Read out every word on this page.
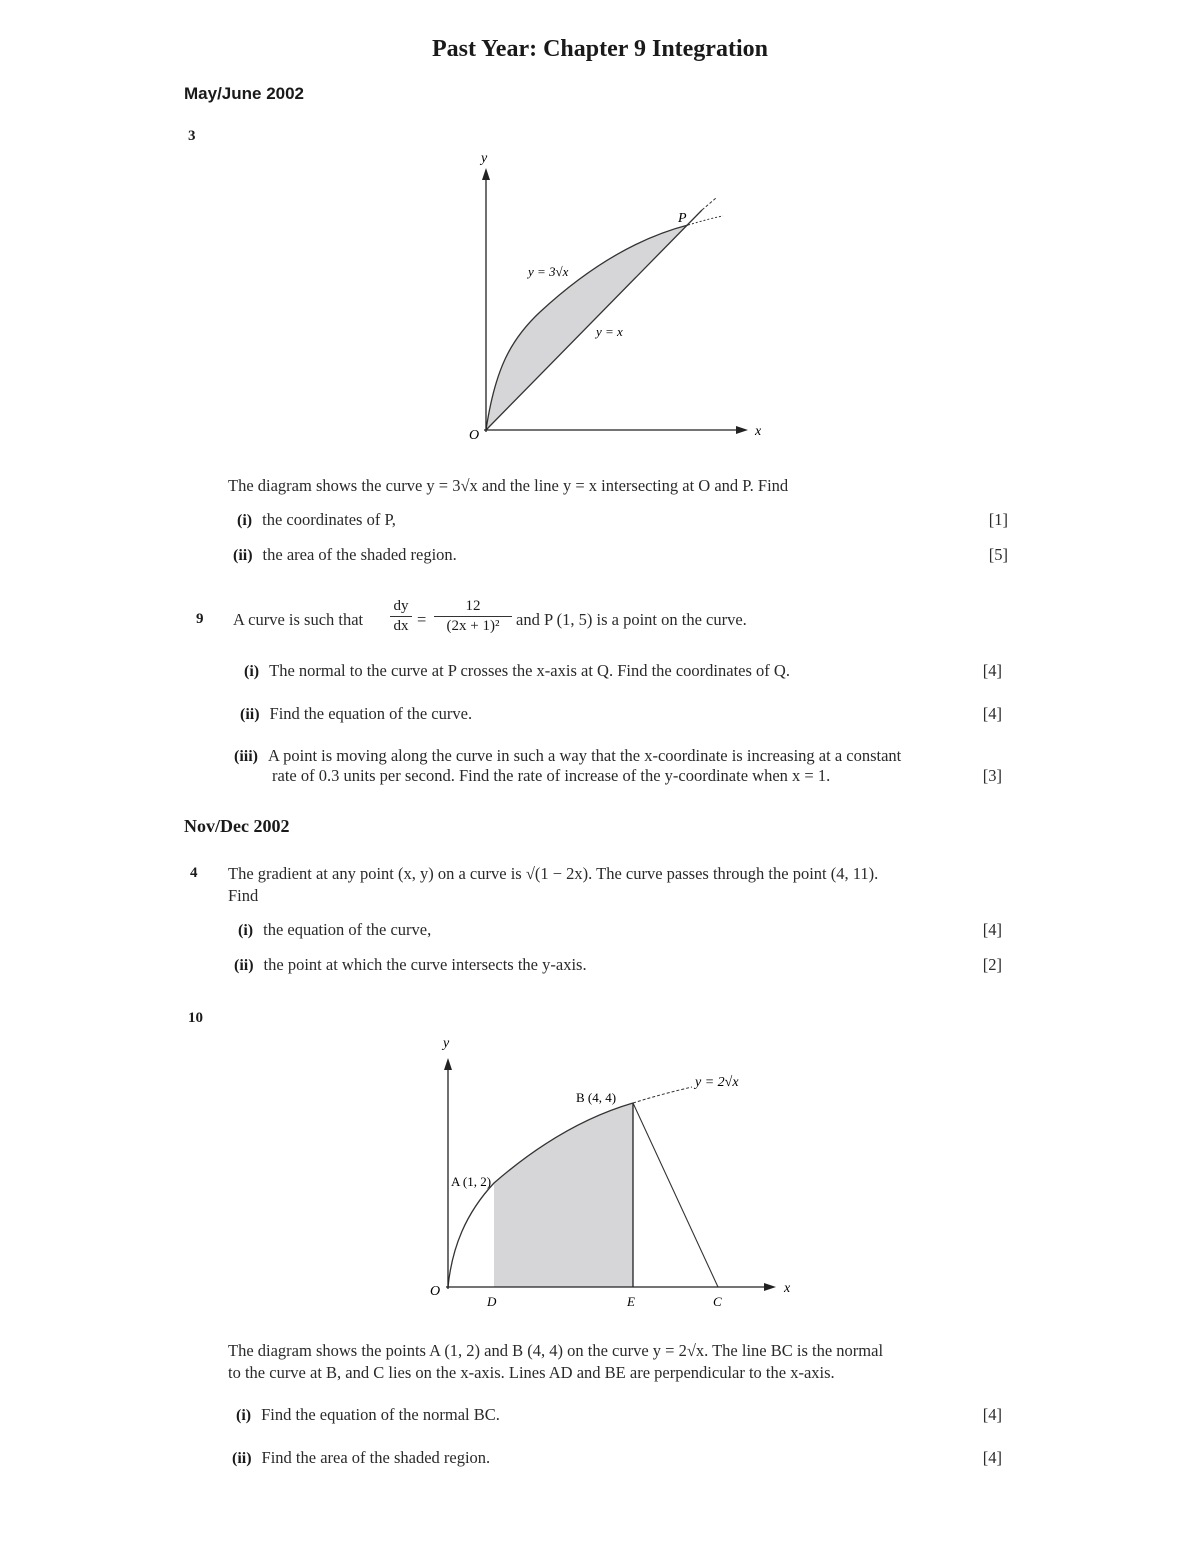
Past Year: Chapter 9 Integration
May/June 2002
3
y
x
O
P
y = 3√x
y = x
The diagram shows the curve y = 3√x and the line y = x intersecting at O and P. Find
(i) the coordinates of P,	[1]
(ii) the area of the shaded region.	[5]
9 A curve is such that
dy
dx =
12
(2x + 1)²	and P (1, 5) is a point on the curve.
(i) The normal to the curve at P crosses the x-axis at Q. Find the coordinates of Q.	[4]
(ii) Find the equation of the curve.	[4]
(iii) A point is moving along the curve in such a way that the x-coordinate is increasing at a constant
rate of 0.3 units per second. Find the rate of increase of the y-coordinate when x = 1.	[3]
Nov/Dec 2002
4 The gradient at any point (x, y) on a curve is √(1 − 2x). The curve passes through the point (4, 11).
Find
(i) the equation of the curve,	[4]
(ii) the point at which the curve intersects the y-axis.	[2]
10
y
x
O
A (1, 2)
B (4, 4)
y = 2√x
D	E	C
The diagram shows the points A (1, 2) and B (4, 4) on the curve y = 2√x. The line BC is the normal
to the curve at B, and C lies on the x-axis. Lines AD and BE are perpendicular to the x-axis.
(i) Find the equation of the normal BC.	[4]
(ii) Find the area of the shaded region.	[4]
